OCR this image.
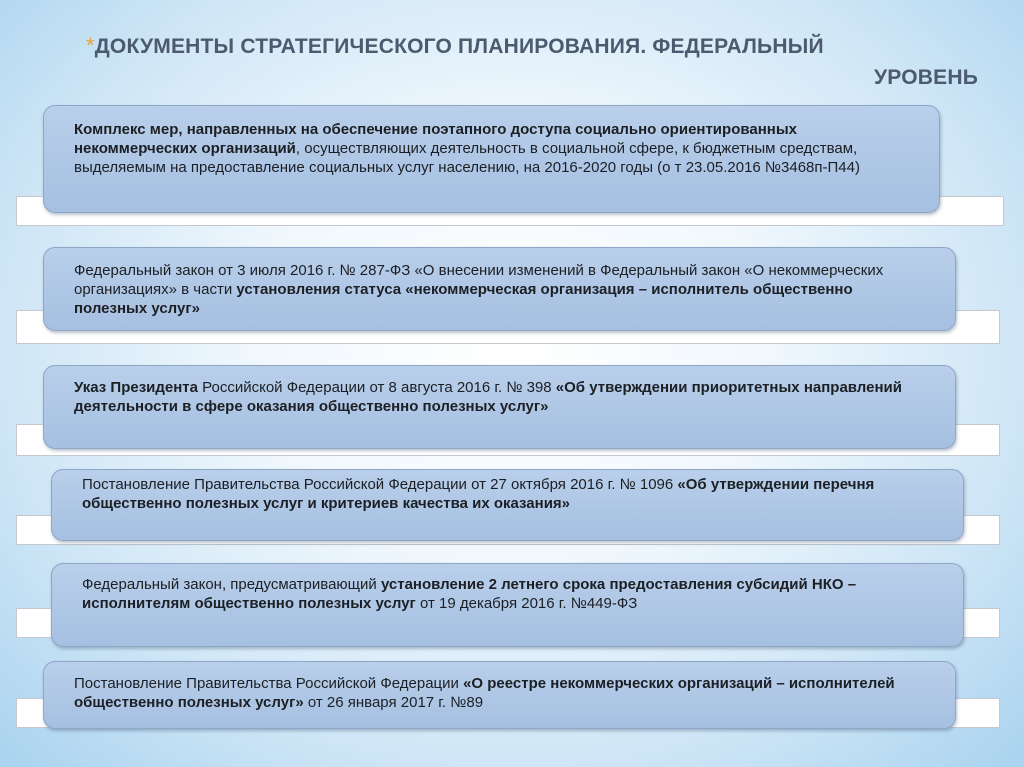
*ДОКУМЕНТЫ СТРАТЕГИЧЕСКОГО ПЛАНИРОВАНИЯ. ФЕДЕРАЛЬНЫЙ
УРОВЕНЬ
Комплекс мер, направленных на обеспечение поэтапного доступа социально ориентированных некоммерческих организаций, осуществляющих деятельность в социальной сфере, к бюджетным средствам, выделяемым на предоставление социальных услуг населению, на 2016-2020 годы (о т 23.05.2016 №3468п-П44)
Федеральный закон от 3 июля 2016 г. № 287-ФЗ «О внесении изменений в Федеральный закон «О некоммерческих организациях» в части установления статуса «некоммерческая организация – исполнитель общественно полезных услуг»
Указ Президента Российской Федерации от 8 августа 2016 г. № 398 «Об утверждении приоритетных направлений деятельности в сфере оказания общественно полезных услуг»
Постановление Правительства Российской Федерации от 27 октября 2016 г. № 1096 «Об утверждении перечня общественно полезных услуг и критериев качества их оказания»
Федеральный закон, предусматривающий установление 2 летнего срока предоставления субсидий НКО – исполнителям общественно полезных услуг от 19 декабря 2016 г. №449-ФЗ
Постановление Правительства Российской Федерации «О реестре некоммерческих организаций – исполнителей общественно полезных услуг» от 26 января 2017 г. №89
